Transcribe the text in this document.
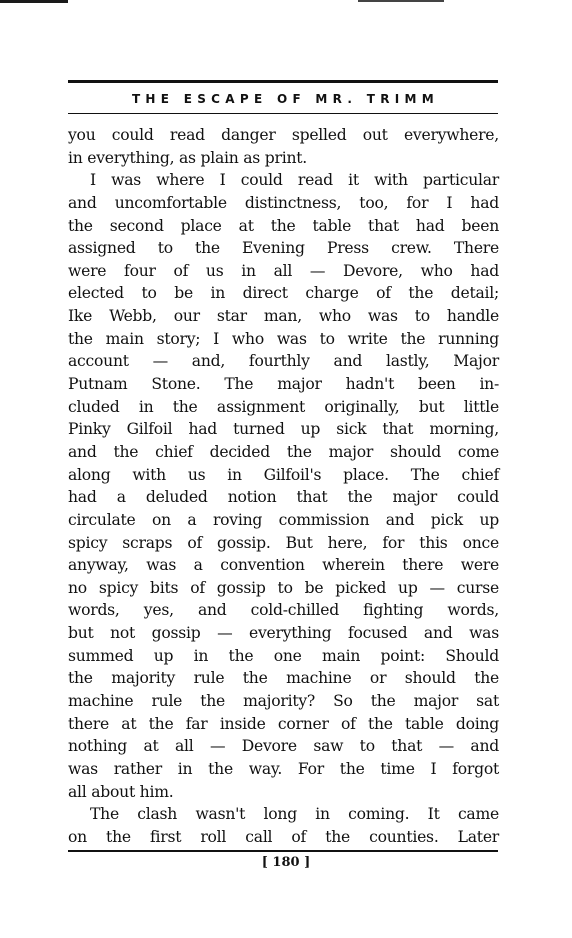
THE ESCAPE OF MR. TRIMM
you could read danger spelled out everywhere,
in everything, as plain as print.
I was where I could read it with particular
and uncomfortable distinctness, too, for I had
the second place at the table that had been
assigned to the Evening Press crew. There
were four of us in all — Devore, who had
elected to be in direct charge of the detail;
Ike Webb, our star man, who was to handle
the main story; I who was to write the running
account — and, fourthly and lastly, Major
Putnam Stone. The major hadn't been in-
cluded in the assignment originally, but little
Pinky Gilfoil had turned up sick that morning,
and the chief decided the major should come
along with us in Gilfoil's place. The chief
had a deluded notion that the major could
circulate on a roving commission and pick up
spicy scraps of gossip. But here, for this once
anyway, was a convention wherein there were
no spicy bits of gossip to be picked up — curse
words, yes, and cold-chilled fighting words,
but not gossip — everything focused and was
summed up in the one main point: Should
the majority rule the machine or should the
machine rule the majority? So the major sat
there at the far inside corner of the table doing
nothing at all — Devore saw to that — and
was rather in the way. For the time I forgot
all about him.
The clash wasn't long in coming. It came
on the first roll call of the counties. Later
[ 180 ]
